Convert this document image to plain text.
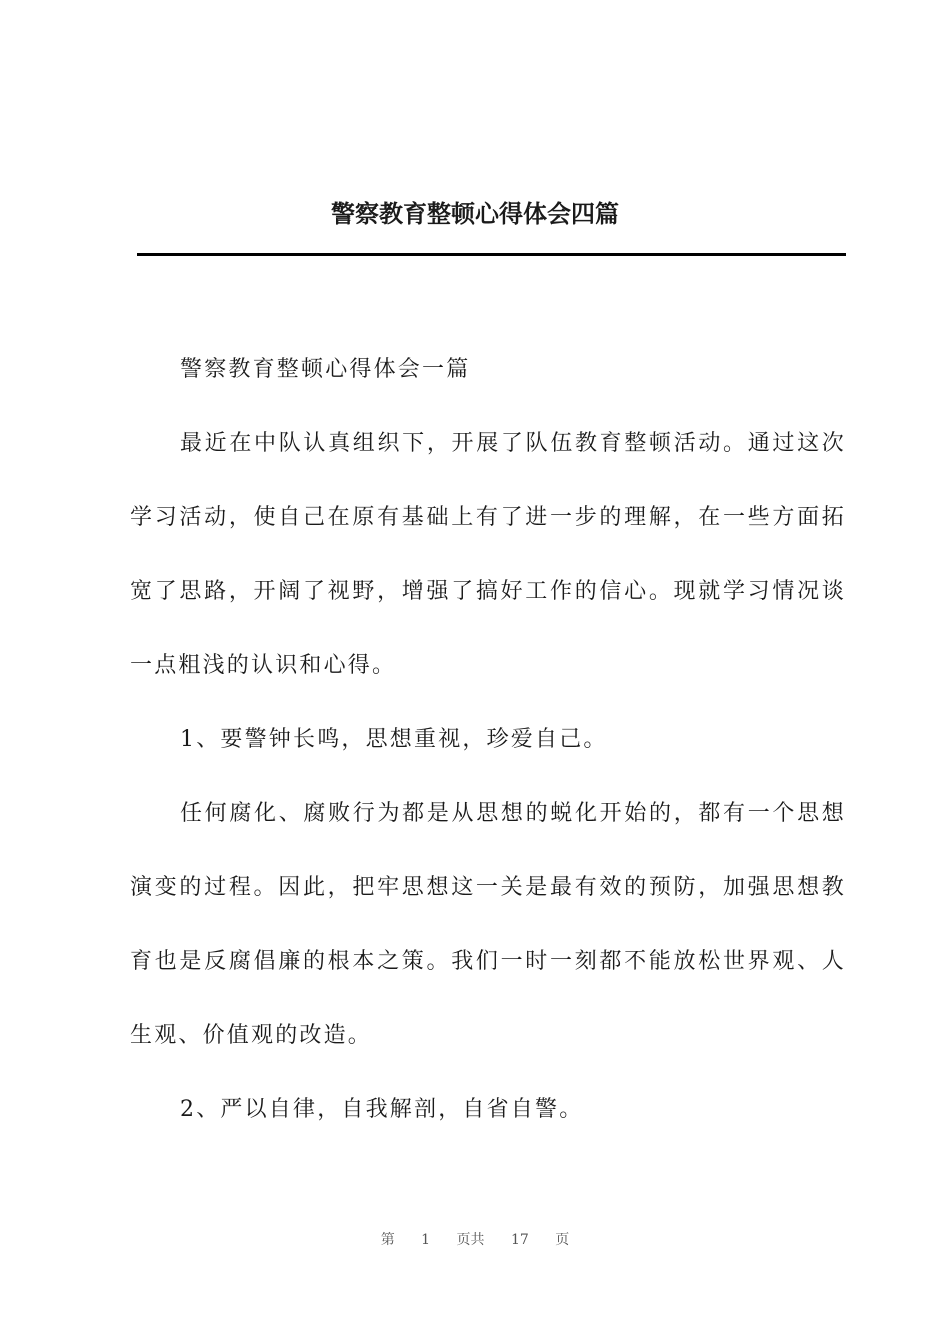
警察教育整顿心得体会四篇

警察教育整顿心得体会一篇

最近在中队认真组织下，开展了队伍教育整顿活动。通过这次学习活动，使自己在原有基础上有了进一步的理解，在一些方面拓宽了思路，开阔了视野，增强了搞好工作的信心。现就学习情况谈一点粗浅的认识和心得。

1、要警钟长鸣，思想重视，珍爱自己。

任何腐化、腐败行为都是从思想的蜕化开始的，都有一个思想演变的过程。因此，把牢思想这一关是最有效的预防，加强思想教育也是反腐倡廉的根本之策。我们一时一刻都不能放松世界观、人生观、价值观的改造。

2、严以自律，自我解剖，自省自警。

第 1 页共 17 页
